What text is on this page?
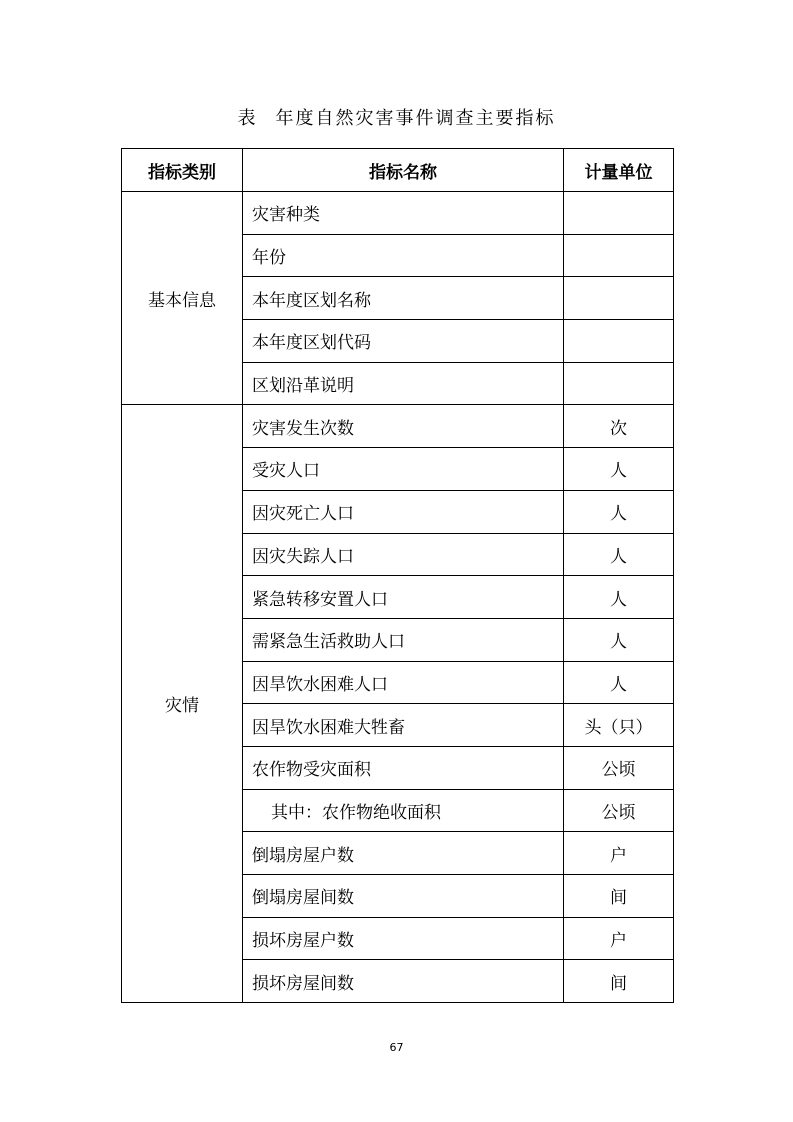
表 年度自然灾害事件调查主要指标
指标类别	指标名称	计量单位
基本信息	灾害种类	
	年份	
	本年度区划名称	
	本年度区划代码	
	区划沿革说明	
灾情	灾害发生次数	次
	受灾人口	人
	因灾死亡人口	人
	因灾失踪人口	人
	紧急转移安置人口	人
	需紧急生活救助人口	人
	因旱饮水困难人口	人
	因旱饮水困难大牲畜	头（只）
	农作物受灾面积	公顷
	其中：农作物绝收面积	公顷
	倒塌房屋户数	户
	倒塌房屋间数	间
	损坏房屋户数	户
	损坏房屋间数	间
67
